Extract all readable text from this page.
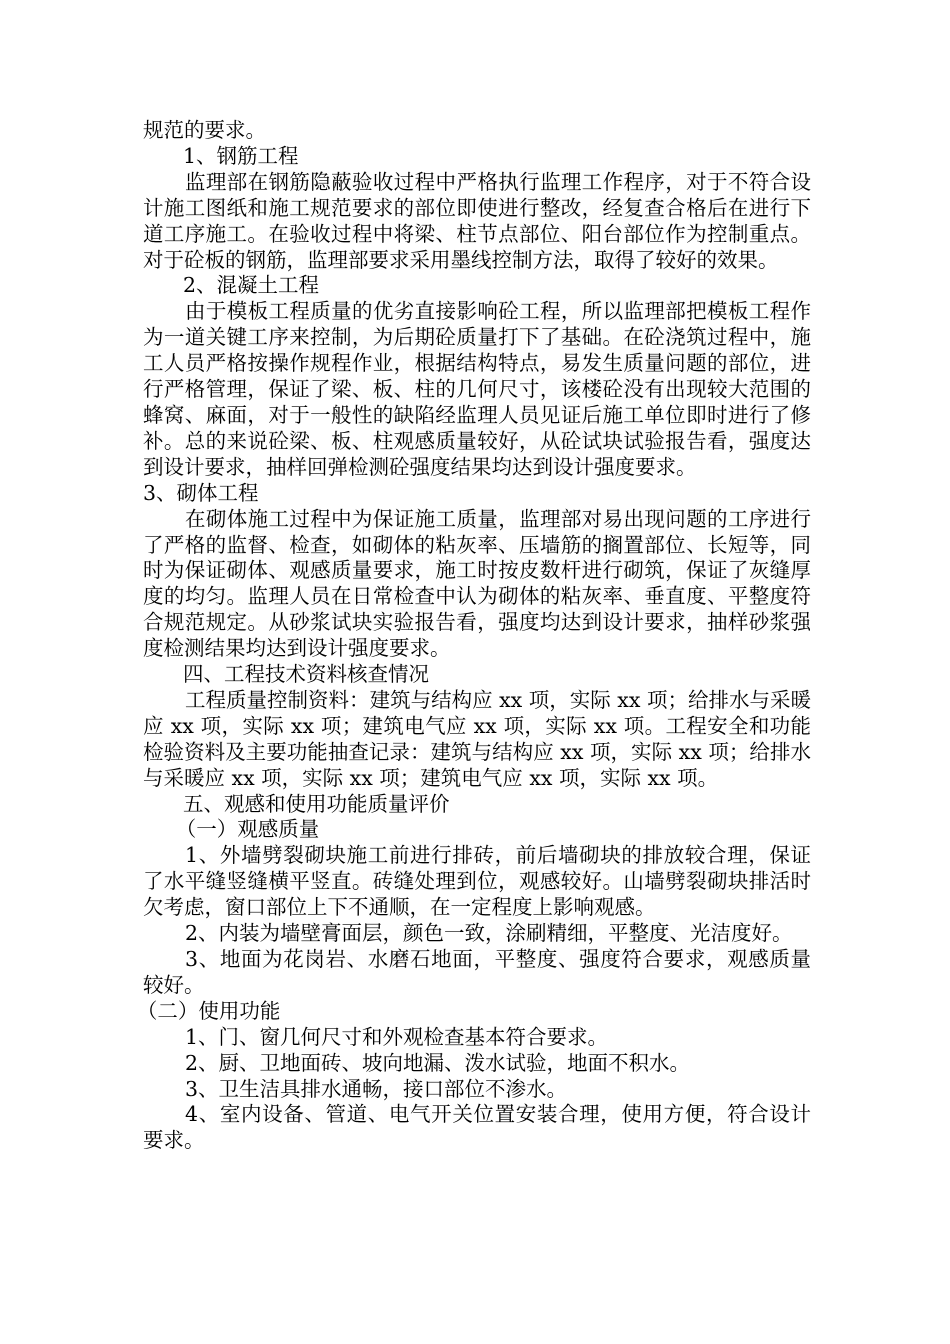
规范的要求。

1、钢筋工程

监理部在钢筋隐蔽验收过程中严格执行监理工作程序，对于不符合设计施工图纸和施工规范要求的部位即使进行整改，经复查合格后在进行下道工序施工。在验收过程中将梁、柱节点部位、阳台部位作为控制重点。对于砼板的钢筋，监理部要求采用墨线控制方法，取得了较好的效果。

2、混凝土工程

由于模板工程质量的优劣直接影响砼工程，所以监理部把模板工程作为一道关键工序来控制，为后期砼质量打下了基础。在砼浇筑过程中，施工人员严格按操作规程作业，根据结构特点，易发生质量问题的部位，进行严格管理，保证了梁、板、柱的几何尺寸，该楼砼没有出现较大范围的蜂窝、麻面，对于一般性的缺陷经监理人员见证后施工单位即时进行了修补。总的来说砼梁、板、柱观感质量较好，从砼试块试验报告看，强度达到设计要求，抽样回弹检测砼强度结果均达到设计强度要求。

3、砌体工程

在砌体施工过程中为保证施工质量，监理部对易出现问题的工序进行了严格的监督、检查，如砌体的粘灰率、压墙筋的搁置部位、长短等，同时为保证砌体、观感质量要求，施工时按皮数杆进行砌筑，保证了灰缝厚度的均匀。监理人员在日常检查中认为砌体的粘灰率、垂直度、平整度符合规范规定。从砂浆试块实验报告看，强度均达到设计要求，抽样砂浆强度检测结果均达到设计强度要求。

四、工程技术资料核查情况

工程质量控制资料：建筑与结构应 xx 项，实际 xx 项；给排水与采暖应 xx 项，实际 xx 项；建筑电气应 xx 项，实际 xx 项。工程安全和功能检验资料及主要功能抽查记录：建筑与结构应 xx 项，实际 xx 项；给排水与采暖应 xx 项，实际 xx 项；建筑电气应 xx 项，实际 xx 项。

五、观感和使用功能质量评价

（一）观感质量

1、外墙劈裂砌块施工前进行排砖，前后墙砌块的排放较合理，保证了水平缝竖缝横平竖直。砖缝处理到位，观感较好。山墙劈裂砌块排活时欠考虑，窗口部位上下不通顺，在一定程度上影响观感。

2、内装为墙壁膏面层，颜色一致，涂刷精细，平整度、光洁度好。

3、地面为花岗岩、水磨石地面，平整度、强度符合要求，观感质量较好。

（二）使用功能

1、门、窗几何尺寸和外观检查基本符合要求。

2、厨、卫地面砖、坡向地漏、泼水试验，地面不积水。

3、卫生洁具排水通畅，接口部位不渗水。

4、室内设备、管道、电气开关位置安装合理，使用方便，符合设计要求。
